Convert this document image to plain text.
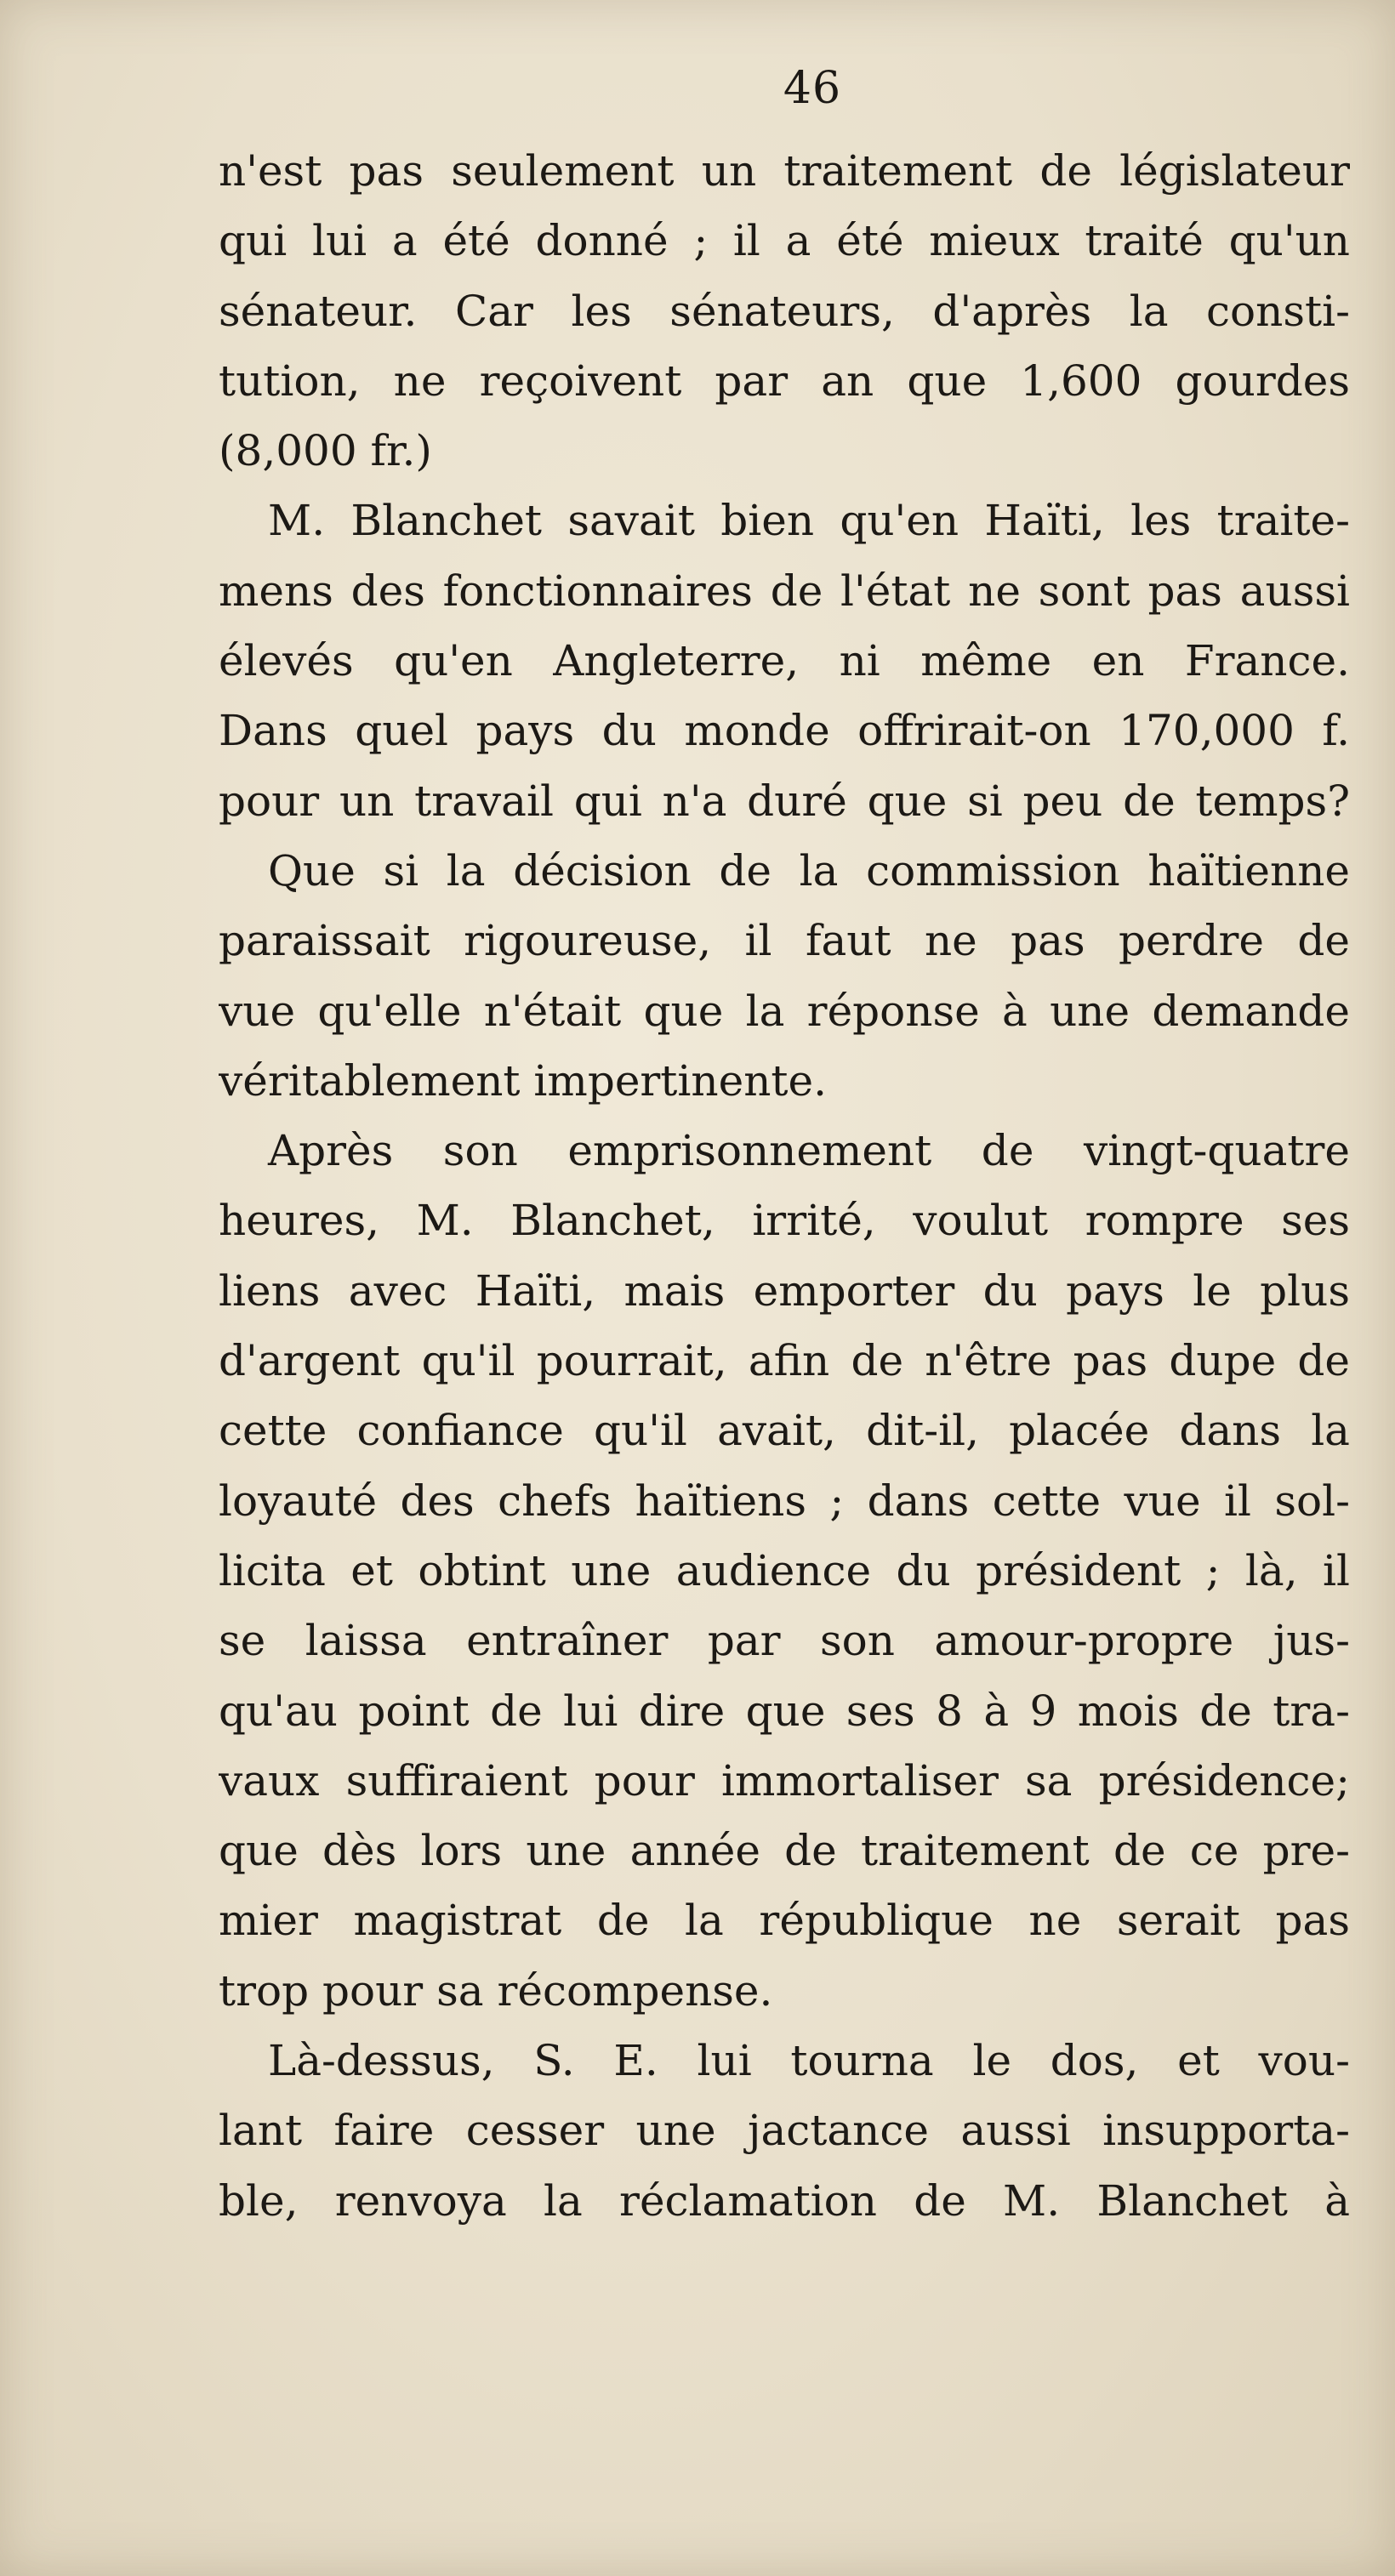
46
n'est pas seulement un traitement de législateur
qui lui a été donné ; il a été mieux traité qu'un
sénateur. Car les sénateurs, d'après la consti-
tution, ne reçoivent par an que 1,600 gourdes
(8,000 fr.)
M. Blanchet savait bien qu'en Haïti, les traite-
mens des fonctionnaires de l'état ne sont pas aussi
élevés qu'en Angleterre, ni même en France.
Dans quel pays du monde offrirait-on 170,000 f.
pour un travail qui n'a duré que si peu de temps?
Que si la décision de la commission haïtienne
paraissait rigoureuse, il faut ne pas perdre de
vue qu'elle n'était que la réponse à une demande
véritablement impertinente.
Après son emprisonnement de vingt-quatre
heures, M. Blanchet, irrité, voulut rompre ses
liens avec Haïti, mais emporter du pays le plus
d'argent qu'il pourrait, afin de n'être pas dupe de
cette confiance qu'il avait, dit-il, placée dans la
loyauté des chefs haïtiens ; dans cette vue il sol-
licita et obtint une audience du président ; là, il
se laissa entraîner par son amour-propre jus-
qu'au point de lui dire que ses 8 à 9 mois de tra-
vaux suffiraient pour immortaliser sa présidence;
que dès lors une année de traitement de ce pre-
mier magistrat de la république ne serait pas
trop pour sa récompense.
Là-dessus, S. E. lui tourna le dos, et vou-
lant faire cesser une jactance aussi insupporta-
ble, renvoya la réclamation de M. Blanchet à
